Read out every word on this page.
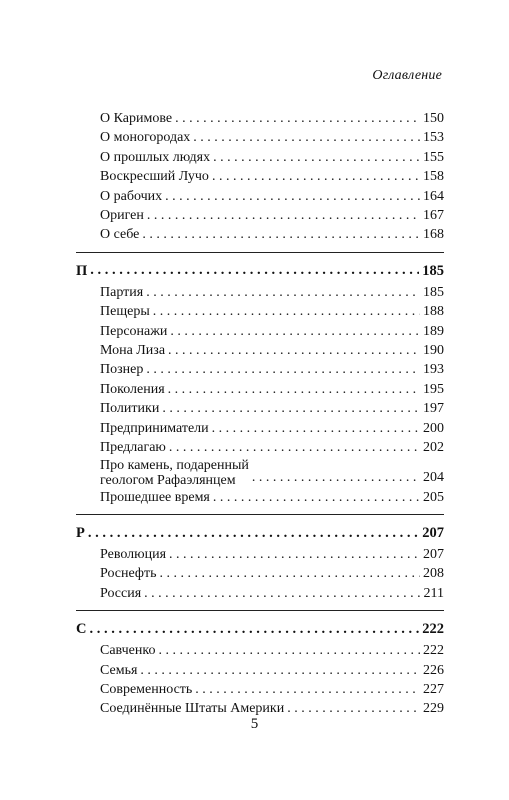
Оглавление
О Каримове . . .	150
О моногородах . . .	153
О прошлых людях . . .	155
Воскресший Лучо . . .	158
О рабочих . . .	164
Ориген . . .	167
О себе . . .	168
П . . .	185
Партия . . .	185
Пещеры . . .	188
Персонажи . . .	189
Мона Лиза . . .	190
Познер . . .	193
Поколения . . .	195
Политики . . .	197
Предприниматели . . .	200
Предлагаю . . .	202
Про камень, подаренный
геологом Рафаэлянцем . . .	204
Прошедшее время . . .	205
Р . . .	207
Революция . . .	207
Роснефть . . .	208
Россия . . .	211
С . . .	222
Савченко . . .	222
Семья . . .	226
Современность . . .	227
Соединённые Штаты Америки . . .	229
5
